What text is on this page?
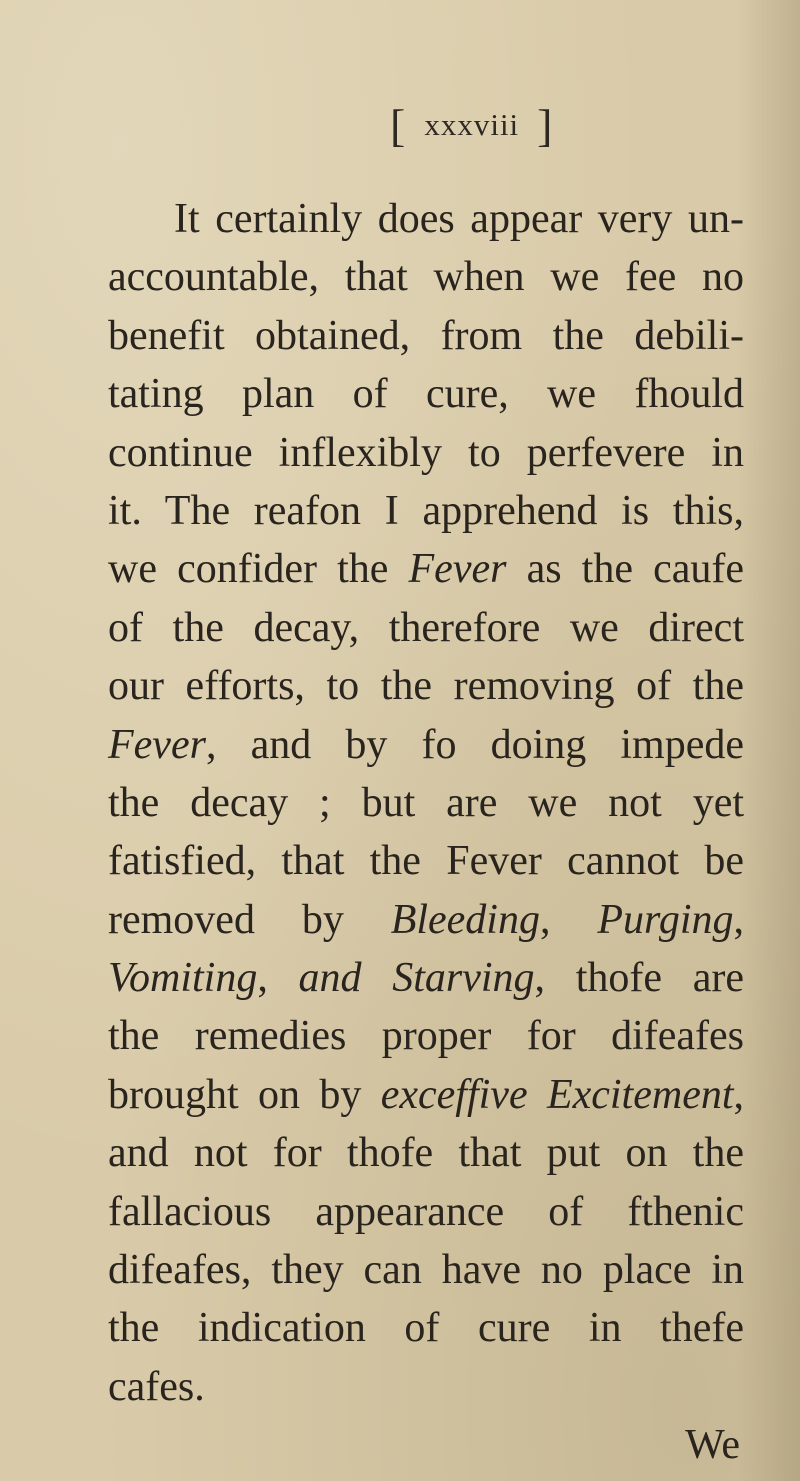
[ xxxviii ]
It certainly does appear very un-
accountable, that when we fee no
benefit obtained, from the debili-
tating plan of cure, we fhould
continue inflexibly to perfevere in
it. The reafon I apprehend is this,
we confider the Fever as the caufe
of the decay, therefore we direct
our efforts, to the removing of the
Fever, and by fo doing impede
the decay ; but are we not yet
fatisfied, that the Fever cannot be
removed by Bleeding, Purging,
Vomiting, and Starving, thofe are
the remedies proper for difeafes
brought on by exceffive Excitement,
and not for thofe that put on the
fallacious appearance of fthenic
difeafes, they can have no place in
the indication of cure in thefe
cafes.
We
